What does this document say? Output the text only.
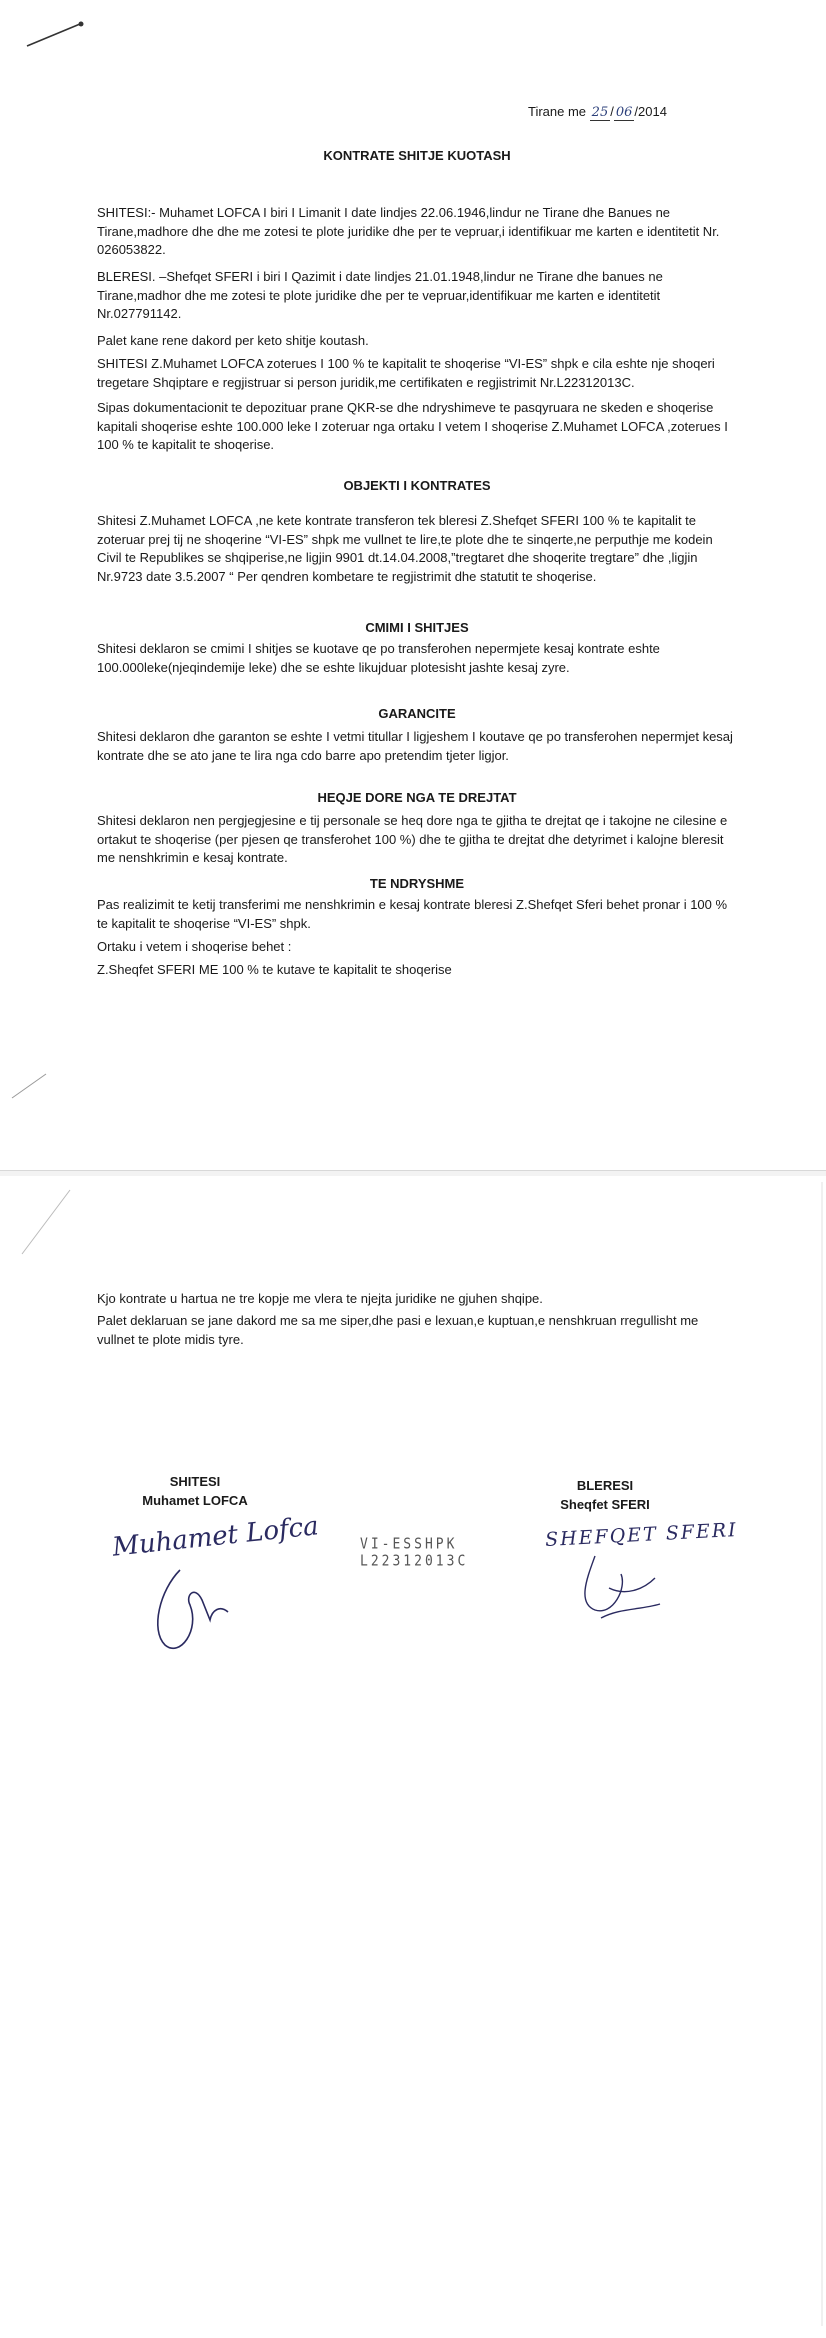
Tirane me 25 / 06 /2014
KONTRATE SHITJE KUOTASH

SHITESI:- Muhamet LOFCA I biri I Limanit I date lindjes 22.06.1946,lindur ne Tirane dhe Banues ne Tirane,madhore dhe dhe me zotesi te plote juridike dhe per te vepruar,i identifikuar me karten e identitetit Nr. 026053822.

BLERESI. –Shefqet SFERI i biri I Qazimit i date lindjes 21.01.1948,lindur ne Tirane dhe banues ne Tirane,madhor dhe me zotesi te plote juridike dhe per te vepruar,identifikuar me karten e identitetit Nr.027791142.

Palet kane rene dakord per keto shitje koutash.

SHITESI Z.Muhamet LOFCA zoterues I 100 % te kapitalit te shoqerise “VI-ES” shpk e cila eshte nje shoqeri tregetare Shqiptare e regjistruar si person juridik,me certifikaten e regjistrimit Nr.L22312013C.

Sipas dokumentacionit te depozituar prane QKR-se dhe ndryshimeve te pasqyruara ne skeden e shoqerise kapitali shoqerise eshte 100.000 leke I zoteruar nga ortaku I vetem I shoqerise Z.Muhamet LOFCA ,zoterues I 100 % te kapitalit te shoqerise.

OBJEKTI I KONTRATES

Shitesi Z.Muhamet LOFCA ,ne kete kontrate transferon tek bleresi Z.Shefqet SFERI 100 % te kapitalit te zoteruar prej tij ne shoqerine “VI-ES” shpk me vullnet te lire,te plote dhe te sinqerte,ne perputhje me kodein Civil te Republikes se shqiperise,ne ligjin 9901 dt.14.04.2008,”tregtaret dhe shoqerite tregtare” dhe ,ligjin Nr.9723 date 3.5.2007 “ Per qendren kombetare te regjistrimit dhe statutit te shoqerise.

CMIMI I SHITJES

Shitesi deklaron se cmimi I shitjes se kuotave qe po transferohen nepermjete kesaj kontrate eshte 100.000leke(njeqindemije leke) dhe se eshte likujduar plotesisht jashte kesaj zyre.

GARANCITE

Shitesi deklaron dhe garanton se eshte I vetmi titullar I ligjeshem I koutave qe po transferohen nepermjet kesaj kontrate dhe se ato jane te lira nga cdo barre apo pretendim tjeter ligjor.

HEQJE DORE NGA TE DREJTAT

Shitesi deklaron nen pergjegjesine e tij personale se heq dore nga te gjitha te drejtat qe i takojne ne cilesine e ortakut te shoqerise (per pjesen qe transferohet 100 %) dhe te gjitha te drejtat dhe detyrimet i kalojne bleresit me nenshkrimin e kesaj kontrate.

TE NDRYSHME

Pas realizimit te ketij transferimi me nenshkrimin e kesaj kontrate bleresi Z.Shefqet Sferi behet pronar i 100 % te kapitalit te shoqerise “VI-ES” shpk.

Ortaku i vetem i shoqerise behet :

Z.Sheqfet SFERI ME 100 % te kutave te kapitalit te shoqerise

Kjo kontrate u hartua ne tre kopje me vlera te njejta juridike ne gjuhen shqipe.

Palet deklaruan se jane dakord me sa me siper,dhe pasi e lexuan,e kuptuan,e nenshkruan rregullisht me vullnet te plote midis tyre.

SHITESI
Muhamet LOFCA
BLERESI
Sheqfet SFERI
Muhamet Lofca	VI-ESSHPK
L22312013C
SHEFQET SFERI
